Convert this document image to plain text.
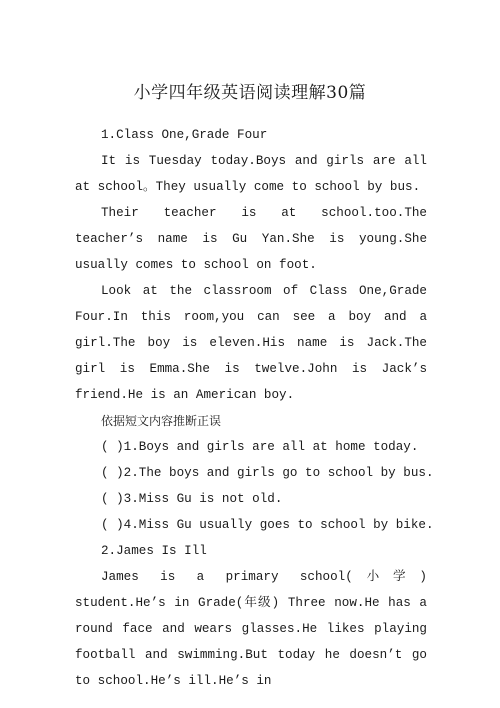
小学四年级英语阅读理解30篇

1.Class One,Grade Four

It is Tuesday today.Boys and girls are all at school。They usually come to school by bus.

Their teacher is at school.too.The teacher’s name is Gu Yan.She is young.She usually comes to school on foot.

Look at the classroom of Class One,Grade Four.In this room,you can see a boy and a girl.The boy is eleven.His name is Jack.The girl is Emma.She is twelve.John is Jack’s friend.He is an American boy.

依据短文内容推断正误

( )1.Boys and girls are all at home today.

( )2.The boys and girls go to school by bus.

( )3.Miss Gu is not old.

( )4.Miss Gu usually goes to school by bike.

2.James Is Ill

James is a primary school(小学) student.He’s in Grade(年级) Three now.He has a round face and wears glasses.He likes playing football and swimming.But today he doesn’t go to school.He’s ill.He’s in
